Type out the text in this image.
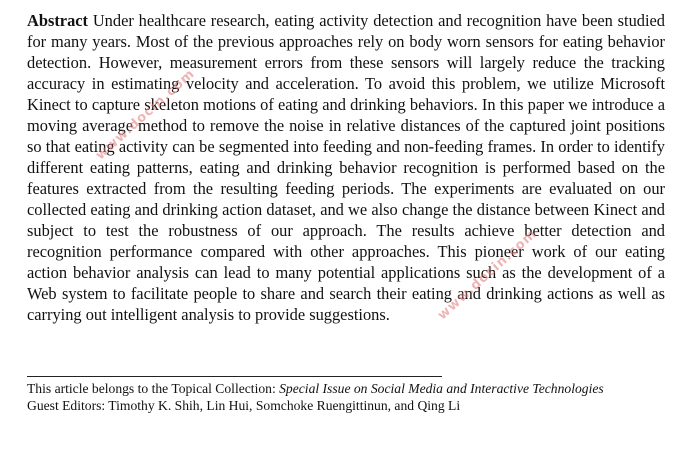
Abstract Under healthcare research, eating activity detection and recognition have been studied for many years. Most of the previous approaches rely on body worn sensors for eating behavior detection. However, measurement errors from these sensors will largely reduce the tracking accuracy in estimating velocity and acceleration. To avoid this problem, we utilize Microsoft Kinect to capture skeleton motions of eating and drinking behaviors. In this paper we introduce a moving average method to remove the noise in relative distances of the captured joint positions so that eating activity can be segmented into feeding and non-feeding frames. In order to identify different eating patterns, eating and drinking behavior recognition is performed based on the features extracted from the resulting feeding periods. The experiments are evaluated on our collected eating and drinking action dataset, and we also change the distance between Kinect and subject to test the robustness of our approach. The results achieve better detection and recognition performance compared with other approaches. This pioneer work of our eating action behavior analysis can lead to many potential applications such as the development of a Web system to facilitate people to share and search their eating and drinking actions as well as carrying out intelligent analysis to provide suggestions.

This article belongs to the Topical Collection: Special Issue on Social Media and Interactive Technologies

Guest Editors: Timothy K. Shih, Lin Hui, Somchoke Ruengittinun, and Qing Li

www.docin.com
www.docin.com
